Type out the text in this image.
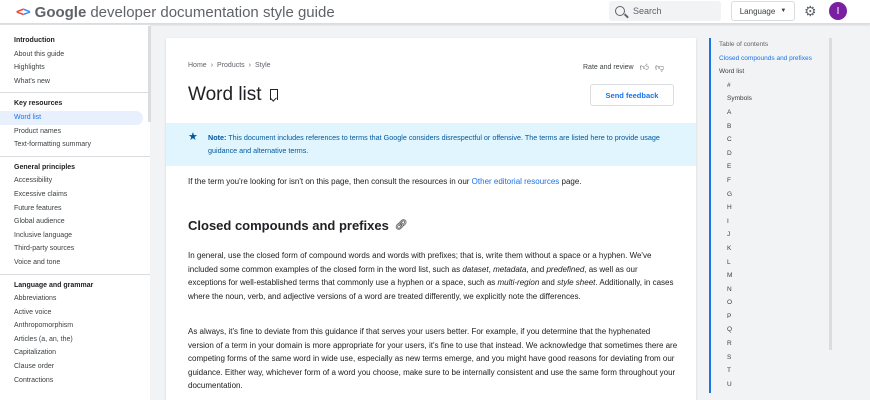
<> Google developer documentation style guide
Search	Language ▼ ⚙	I
Introduction
About this guide
Highlights
What's new
Key resources
Word list
Product names
Text-formatting summary
General principles
Accessibility
Excessive claims
Future features
Global audience
Inclusive language
Third-party sources
Voice and tone
Language and grammar
Abbreviations
Active voice
Anthropomorphism
Articles (a, an, the)
Capitalization
Clause order
Contractions
Home › Products › Style	Rate and review 👍︎ 👎︎
Word list	Send feedback
★ Note: This document includes references to terms that Google considers disrespectful or offensive. The terms are listed here to provide usage guidance and alternative terms.

If the term you're looking for isn't on this page, then consult the resources in our Other editorial resources page.

Closed compounds and prefixes 🔗︎

In general, use the closed form of compound words and words with prefixes; that is, write them without a space or a hyphen. We've included some common examples of the closed form in the word list, such as dataset, metadata, and predefined, as well as our exceptions for well-established terms that commonly use a hyphen or a space, such as multi-region and style sheet. Additionally, in cases where the noun, verb, and adjective versions of a word are treated differently, we explicitly note the differences.

As always, it's fine to deviate from this guidance if that serves your users better. For example, if you determine that the hyphenated version of a term in your domain is more appropriate for your users, it's fine to use that instead. We acknowledge that sometimes there are competing forms of the same word in wide use, especially as new terms emerge, and you might have good reasons for deviating from our guidance. Either way, whichever form of a word you choose, make sure to be internally consistent and use the same form throughout your documentation.

Table of contents
Closed compounds and prefixes
Word list
#
Symbols
A
B
C
D
E
F
G
H
I
J
K
L
M
N
O
P
Q
R
S
T
U
